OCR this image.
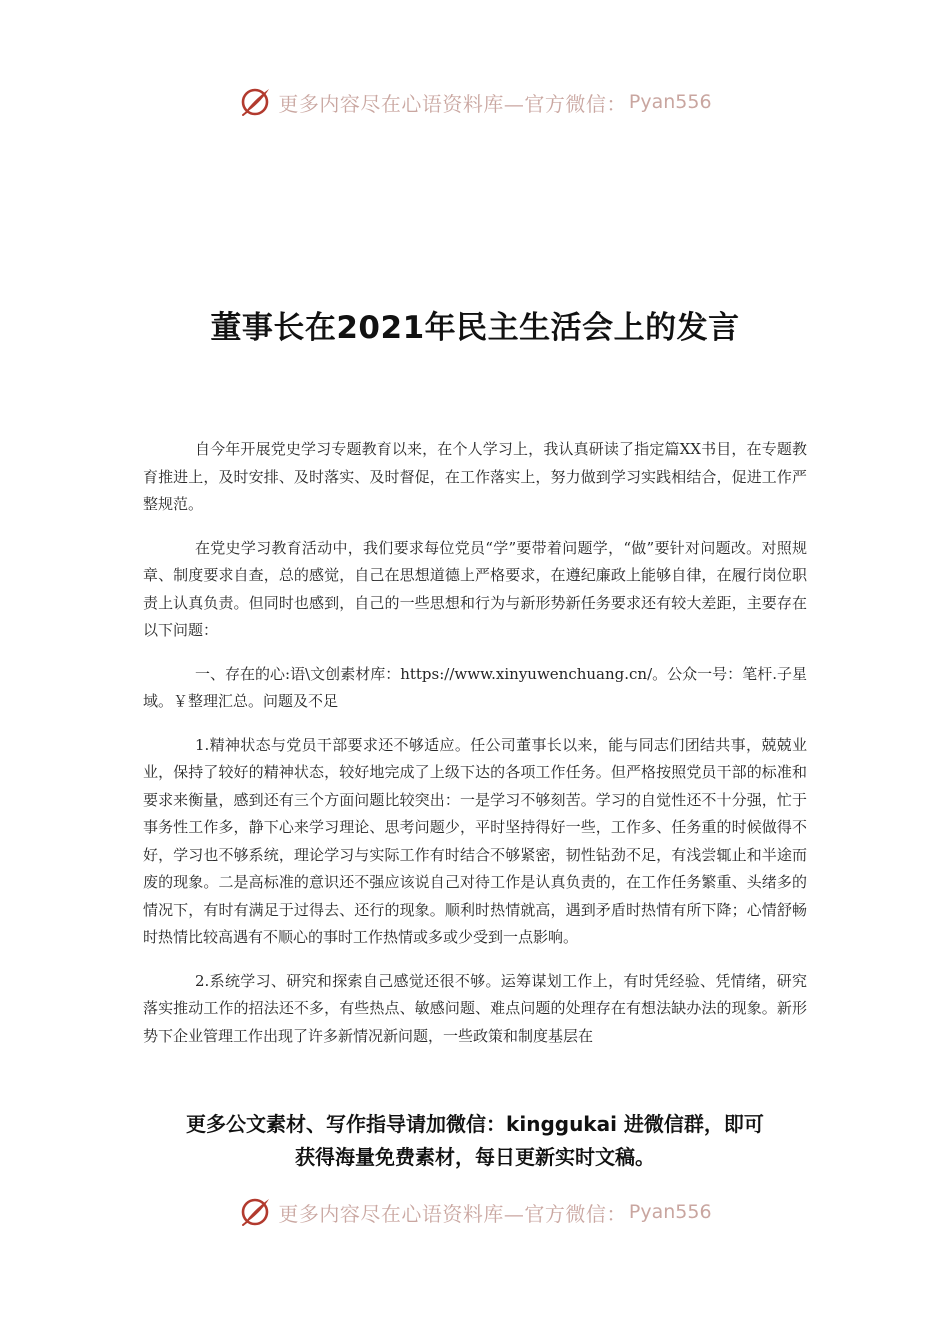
更多内容尽在心语资料库—官方微信： Pyan556
董事长在2021年民主生活会上的发言

自今年开展党史学习专题教育以来，在个人学习上，我认真研读了指定篇XX书目，在专题教育推进上，及时安排、及时落实、及时督促，在工作落实上，努力做到学习实践相结合，促进工作严整规范。

在党史学习教育活动中，我们要求每位党员“学”要带着问题学，“做”要针对问题改。对照规章、制度要求自查，总的感觉，自己在思想道德上严格要求，在遵纪廉政上能够自律，在履行岗位职责上认真负责。但同时也感到，自己的一些思想和行为与新形势新任务要求还有较大差距，主要存在以下问题：

一、存在的心:语\文创素材库：https://www.xinyuwenchuang.cn/。公众一号：笔杆.子星域。￥整理汇总。问题及不足

1.精神状态与党员干部要求还不够适应。任公司董事长以来，能与同志们团结共事，兢兢业业，保持了较好的精神状态，较好地完成了上级下达的各项工作任务。但严格按照党员干部的标准和要求来衡量，感到还有三个方面问题比较突出：一是学习不够刻苦。学习的自觉性还不十分强，忙于事务性工作多，静下心来学习理论、思考问题少，平时坚持得好一些，工作多、任务重的时候做得不好，学习也不够系统，理论学习与实际工作有时结合不够紧密，韧性钻劲不足，有浅尝辄止和半途而废的现象。二是高标准的意识还不强应该说自己对待工作是认真负责的，在工作任务繁重、头绪多的情况下，有时有满足于过得去、还行的现象。顺利时热情就高，遇到矛盾时热情有所下降；心情舒畅时热情比较高遇有不顺心的事时工作热情或多或少受到一点影响。

2.系统学习、研究和探索自己感觉还很不够。运筹谋划工作上，有时凭经验、凭情绪，研究落实推动工作的招法还不多，有些热点、敏感问题、难点问题的处理存在有想法缺办法的现象。新形势下企业管理工作出现了许多新情况新问题，一些政策和制度基层在

更多公文素材、写作指导请加微信：kinggukai 进微信群，即可
获得海量免费素材，每日更新实时文稿。
更多内容尽在心语资料库—官方微信： Pyan556
